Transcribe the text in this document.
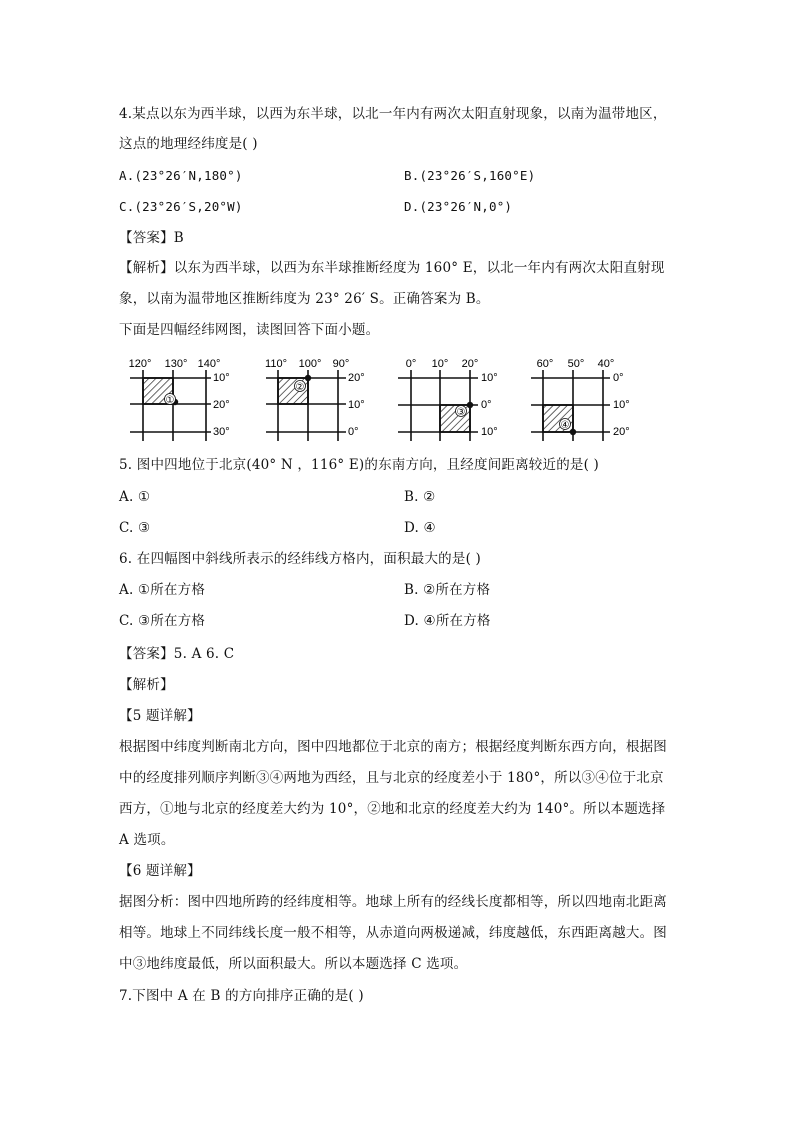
4.某点以东为西半球，以西为东半球，以北一年内有两次太阳直射现象，以南为温带地区，
这点的地理经纬度是( )
A.(23°26′N,180°)	B.(23°26′S,160°E)
C.(23°26′S,20°W)	D.(23°26′N,0°)
【答案】B
【解析】以东为西半球，以西为东半球推断经度为 160° E，以北一年内有两次太阳直射现
象，以南为温带地区推断纬度为 23° 26′ S。正确答案为 B。
下面是四幅经纬网图，读图回答下面小题。
120° 130° 140°
①
10°
20°
30°
110° 100° 90°
②
20°
10°
0°
0° 10° 20°
③
10°
0°
10°
60° 50° 40°
④
0°
10°
20°
5. 图中四地位于北京(40° N ，116° E)的东南方向，且经度间距离较近的是( )
A. ①	B. ②
C. ③	D. ④
6. 在四幅图中斜线所表示的经纬线方格内，面积最大的是( )
A. ①所在方格	B. ②所在方格
C. ③所在方格	D. ④所在方格
【答案】5. A 6. C
【解析】
【5 题详解】
根据图中纬度判断南北方向，图中四地都位于北京的南方；根据经度判断东西方向，根据图
中的经度排列顺序判断③④两地为西经，且与北京的经度差小于 180°，所以③④位于北京
西方，①地与北京的经度差大约为 10°，②地和北京的经度差大约为 140°。所以本题选择
A 选项。
【6 题详解】
据图分析：图中四地所跨的经纬度相等。地球上所有的经线长度都相等，所以四地南北距离
相等。地球上不同纬线长度一般不相等，从赤道向两极递减，纬度越低，东西距离越大。图
中③地纬度最低，所以面积最大。所以本题选择 C 选项。
7.下图中 A 在 B 的方向排序正确的是( )
